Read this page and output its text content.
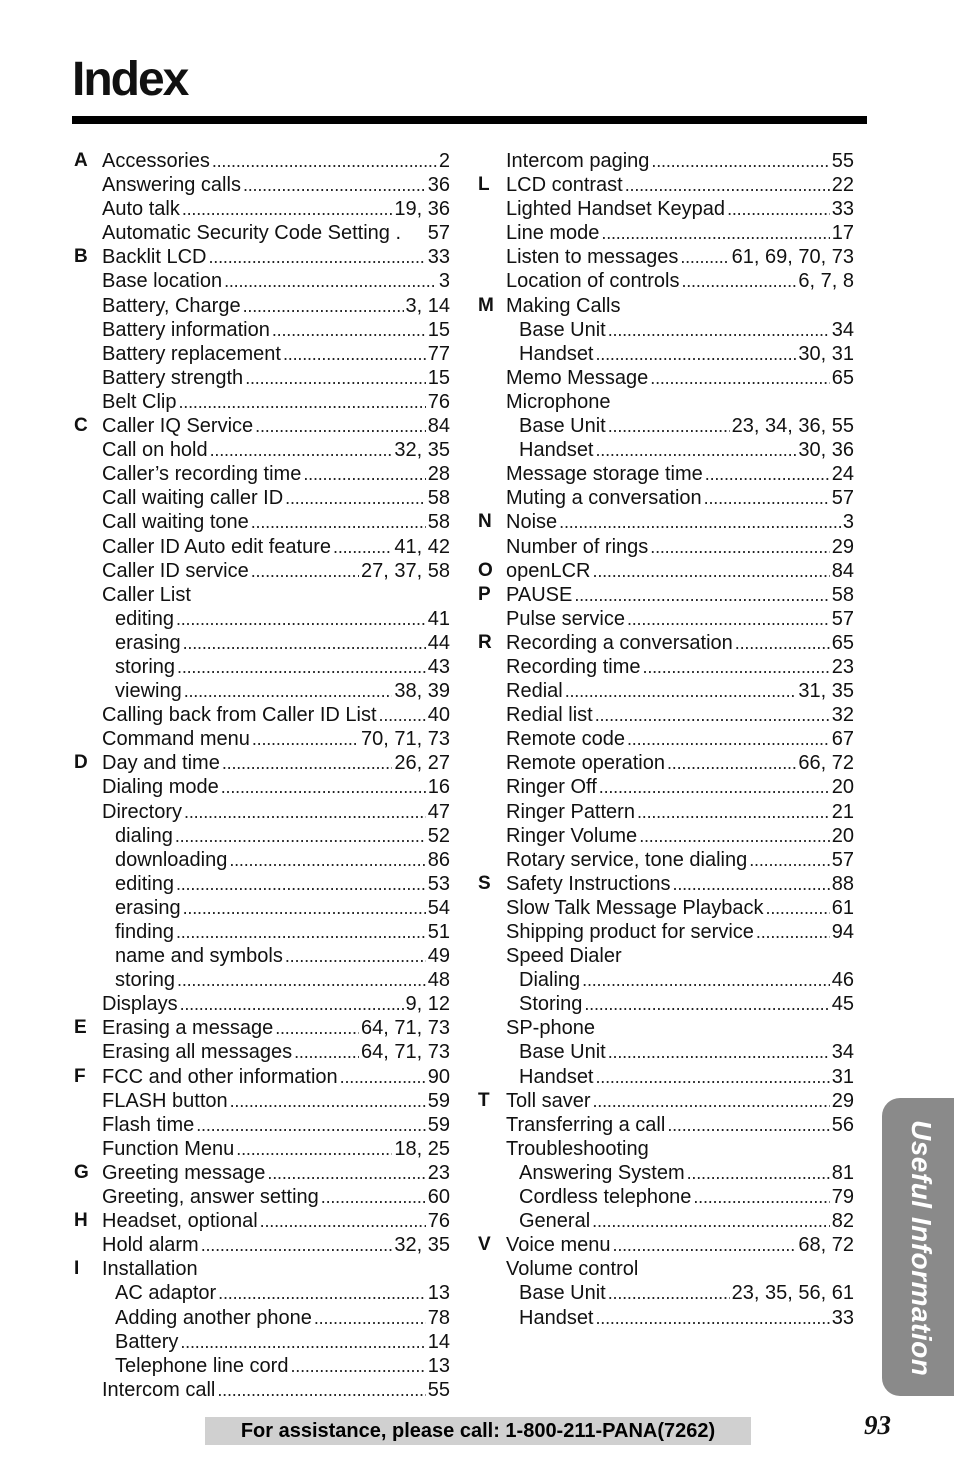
Index
A Accessories . . .	2
Answering calls . . .	36
Auto talk . . .	19, 36
Automatic Security Code Setting . 57
B Backlit LCD . . .	33
Base location . . .	3
Battery, Charge . . .	3, 14
Battery information . . .	15
Battery replacement . . .	77
Battery strength . . .	15
Belt Clip . . .	76
C Caller IQ Service . . .	84
Call on hold . . .	32, 35
Caller’s recording time . . .	28
Call waiting caller ID . . .	58
Call waiting tone . . .	58
Caller ID Auto edit feature . . .	41, 42
Caller ID service . . .	27, 37, 58
Caller List
editing . . .	41
erasing . . .	44
storing . . .	43
viewing . . .	38, 39
Calling back from Caller ID List . . .	40
Command menu . . .	70, 71, 73
D Day and time . . .	26, 27
Dialing mode . . .	16
Directory . . .	47
dialing . . .	52
downloading . . .	86
editing . . .	53
erasing . . .	54
finding . . .	51
name and symbols . . .	49
storing . . .	48
Displays . . .	9, 12
E Erasing a message . . .	64, 71, 73
Erasing all messages . . .	64, 71, 73
F FCC and other information . . .	90
FLASH button . . .	59
Flash time . . .	59
Function Menu . . .	18, 25
G Greeting message . . .	23
Greeting, answer setting . . .	60
H Headset, optional . . .	76
Hold alarm . . .	32, 35
I Installation
AC adaptor . . .	13
Adding another phone . . .	78
Battery . . .	14
Telephone line cord . . .	13
Intercom call . . .	55
Intercom paging . . .	55
L LCD contrast . . .	22
Lighted Handset Keypad . . .	33
Line mode . . .	17
Listen to messages . . .	61, 69, 70, 73
Location of controls . . .	6, 7, 8
M Making Calls
Base Unit . . .	34
Handset . . .	30, 31
Memo Message . . .	65
Microphone
Base Unit . . .	23, 34, 36, 55
Handset . . .	30, 36
Message storage time . . .	24
Muting a conversation . . .	57
N Noise . . .	3
Number of rings . . .	29
O openLCR . . .	84
P PAUSE . . .	58
Pulse service . . .	57
R Recording a conversation . . .	65
Recording time . . .	23
Redial . . .	31, 35
Redial list . . .	32
Remote code . . .	67
Remote operation . . .	66, 72
Ringer Off . . .	20
Ringer Pattern . . .	21
Ringer Volume . . .	20
Rotary service, tone dialing . . .	57
S Safety Instructions . . .	88
Slow Talk Message Playback . . .	61
Shipping product for service . . .	94
Speed Dialer
Dialing . . .	46
Storing . . .	45
SP-phone
Base Unit . . .	34
Handset . . .	31
T Toll saver . . .	29
Transferring a call . . .	56
Troubleshooting
Answering System . . .	81
Cordless telephone . . .	79
General . . .	82
V Voice menu . . .	68, 72
Volume control
Base Unit . . .	23, 35, 56, 61
Handset . . .	33 Useful Information
For assistance, please call: 1-800-211-PANA(7262)	93
